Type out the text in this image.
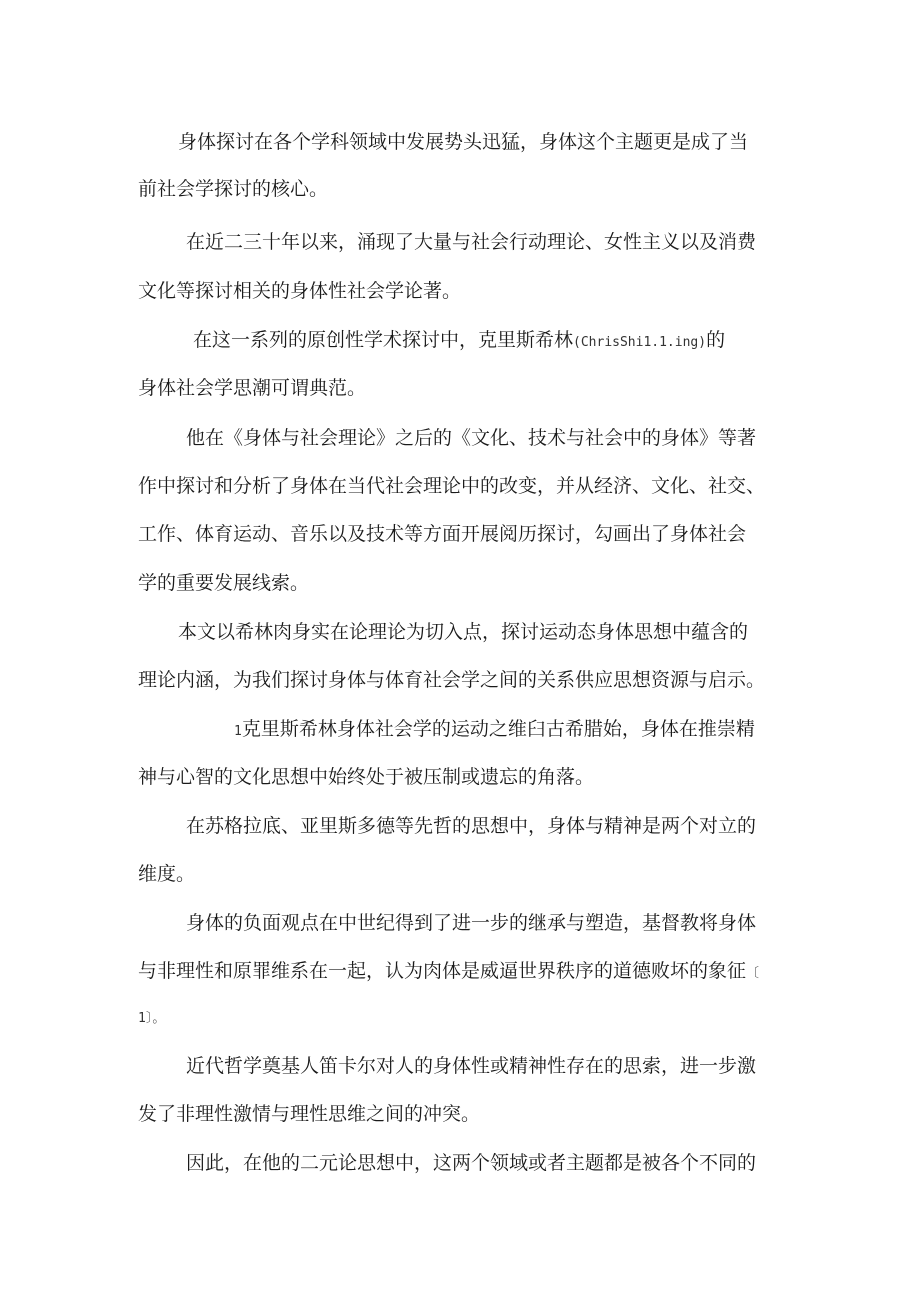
身体探讨在各个学科领域中发展势头迅猛，身体这个主题更是成了当
前社会学探讨的核心。
在近二三十年以来，涌现了大量与社会行动理论、女性主义以及消费
文化等探讨相关的身体性社会学论著。
在这一系列的原创性学术探讨中，克里斯希林(ChrisShi1.1.ing)的
身体社会学思潮可谓典范。
他在《身体与社会理论》之后的《文化、技术与社会中的身体》等著
作中探讨和分析了身体在当代社会理论中的改变，并从经济、文化、社交、
工作、体育运动、音乐以及技术等方面开展阅历探讨，勾画出了身体社会
学的重要发展线索。
本文以希林肉身实在论理论为切入点，探讨运动态身体思想中蕴含的
理论内涵，为我们探讨身体与体育社会学之间的关系供应思想资源与启示。
1克里斯希林身体社会学的运动之维臼古希腊始，身体在推崇精
神与心智的文化思想中始终处于被压制或遗忘的角落。
在苏格拉底、亚里斯多德等先哲的思想中，身体与精神是两个对立的
维度。
身体的负面观点在中世纪得到了进一步的继承与塑造，基督教将身体
与非理性和原罪维系在一起，认为肉体是威逼世界秩序的道德败坏的象征〔
1〕。
近代哲学奠基人笛卡尔对人的身体性或精神性存在的思索，进一步激
发了非理性激情与理性思维之间的冲突。
因此，在他的二元论思想中，这两个领域或者主题都是被各个不同的
